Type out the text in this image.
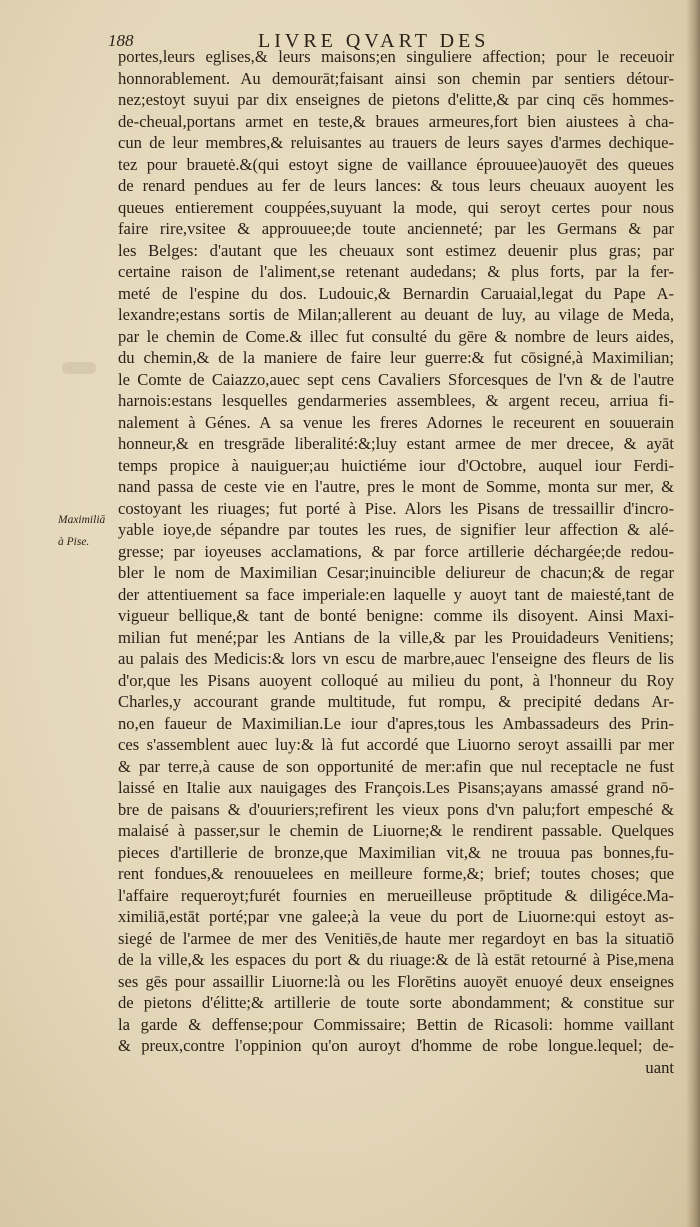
188	LIVRE QVART DES
Maximiliā
à Pise.
portes,leurs eglises,& leurs maisons;en singuliere affection; pour le receuoir
honnorablement. Au demourāt;faisant ainsi son chemin par sentiers détour-
nez;estoyt suyui par dix enseignes de pietons d'elitte,& par cinq cēs hommes-
de-cheual,portans armet en teste,& braues armeures,fort bien aiustees à cha-
cun de leur membres,& reluisantes au trauers de leurs sayes d'armes dechique-
tez pour brauetė.&(qui estoyt signe de vaillance éprouuee)auoyēt des queues
de renard pendues au fer de leurs lances: & tous leurs cheuaux auoyent les
queues entierement couppées,suyuant la mode, qui seroyt certes pour nous
faire rire,vsitee & approuuee;de toute ancienneté; par les Germans & par
les Belges: d'autant que les cheuaux sont estimez deuenir plus gras; par
certaine raison de l'aliment,se retenant audedans; & plus forts, par la fer-
meté de l'espine du dos. Ludouic,& Bernardin Caruaial,legat du Pape A-
lexandre;estans sortis de Milan;allerent au deuant de luy, au vilage de Meda,
par le chemin de Come.& illec fut consulté du gēre & nombre de leurs aides,
du chemin,& de la maniere de faire leur guerre:& fut cōsigné,à Maximilian;
le Comte de Caiazzo,auec sept cens Cavaliers Sforcesques de l'vn & de l'autre
harnois:estans lesquelles gendarmeries assemblees, & argent receu, arriua fi-
nalement à Génes. A sa venue les freres Adornes le receurent en souuerain
honneur,& en tresgrāde liberalité:&;luy estant armee de mer drecee, & ayāt
temps propice à nauiguer;au huictiéme iour d'Octobre, auquel iour Ferdi-
nand passa de ceste vie en l'autre, pres le mont de Somme, monta sur mer, &
costoyant les riuages; fut porté à Pise. Alors les Pisans de tressaillir d'incro-
yable ioye,de sépandre par toutes les rues, de signifier leur affection & alé-
gresse; par ioyeuses acclamations, & par force artillerie déchargée;de redou-
bler le nom de Maximilian Cesar;inuincible deliureur de chacun;& de regar
der attentiuement sa face imperiale:en laquelle y auoyt tant de maiesté,tant de
vigueur bellique,& tant de bonté benigne: comme ils disoyent. Ainsi Maxi-
milian fut mené;par les Antians de la ville,& par les Prouidadeurs Venitiens;
au palais des Medicis:& lors vn escu de marbre,auec l'enseigne des fleurs de lis
d'or,que les Pisans auoyent colloqué au milieu du pont, à l'honneur du Roy
Charles,y accourant grande multitude, fut rompu, & precipité dedans Ar-
no,en faueur de Maximilian.Le iour d'apres,tous les Ambassadeurs des Prin-
ces s'assemblent auec luy:& là fut accordé que Liuorno seroyt assailli par mer
& par terre,à cause de son opportunité de mer:afin que nul receptacle ne fust
laissé en Italie aux nauigages des François.Les Pisans;ayans amassé grand nō-
bre de paisans & d'ouuriers;refirent les vieux pons d'vn palu;fort empesché &
malaisé à passer,sur le chemin de Liuorne;& le rendirent passable. Quelques
pieces d'artillerie de bronze,que Maximilian vit,& ne trouua pas bonnes,fu-
rent fondues,& renouuelees en meilleure forme,&; brief; toutes choses; que
l'affaire requeroyt;furét fournies en merueilleuse prōptitude & diligéce.Ma-
ximiliā,estāt porté;par vne galee;à la veue du port de Liuorne:qui estoyt as-
siegé de l'armee de mer des Venitiēs,de haute mer regardoyt en bas la situatiō
de la ville,& les espaces du port & du riuage:& de là estāt retourné à Pise,mena
ses gēs pour assaillir Liuorne:là ou les Florētins auoyēt enuoyé deux enseignes
de pietons d'élitte;& artillerie de toute sorte abondamment; & constitue sur
la garde & deffense;pour Commissaire; Bettin de Ricasoli: homme vaillant
& preux,contre l'oppinion qu'on auroyt d'homme de robe longue.lequel; de-
uant
